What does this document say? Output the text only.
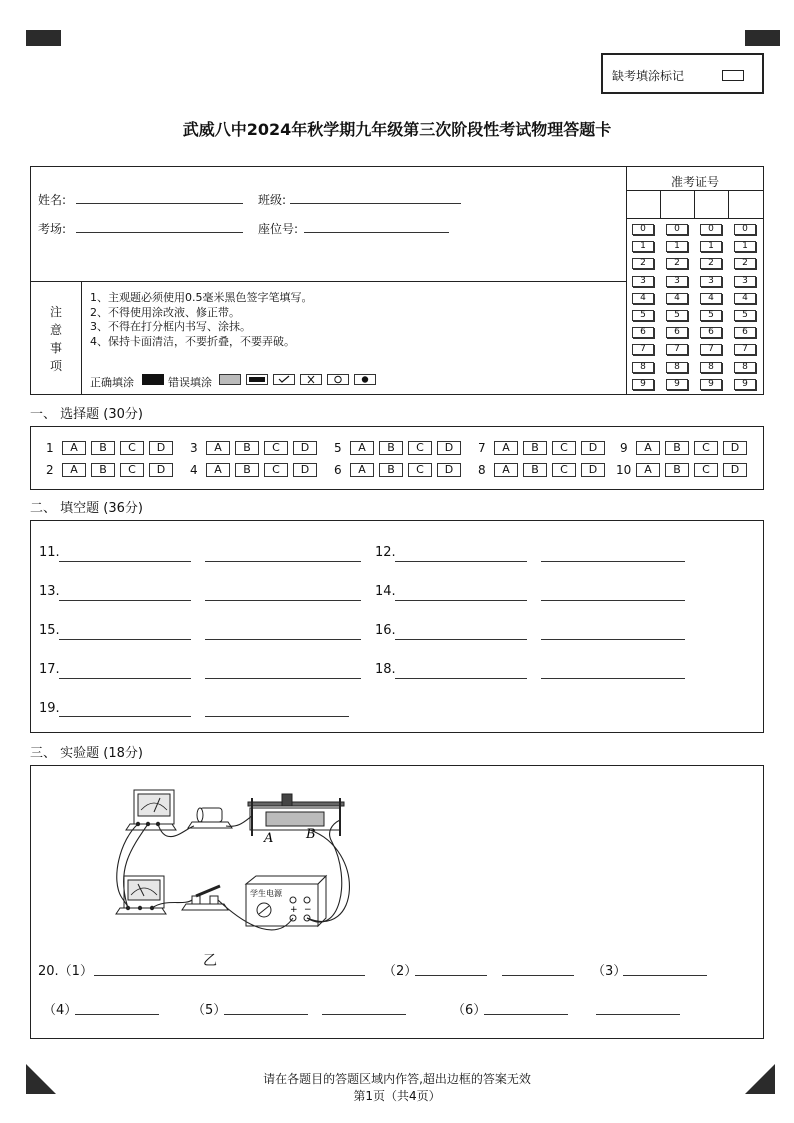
缺考填涂标记
武威八中2024年秋学期九年级第三次阶段性考试物理答题卡
姓名:	班级:
考场:	座位号:
准考证号
0	0	0	0
1	1	1	1
2	2	2	2
3	3	3	3
4	4	4	4
5	5	5	5
6	6	6	6
7	7	7	7
8	8	8	8
9	9	9	9
注
意
事
项
1、主观题必须使用0.5毫米黑色签字笔填写。
2、不得使用涂改液、修正带。
3、不得在打分框内书写、涂抹。
4、保持卡面清洁，不要折叠，不要弄破。
正确填涂	错误填涂
一、 选择题 (30分)
1	A	B	C	D
2	A	B	C	D
3	A	B	C	D
4	A	B	C	D
5	A	B	C	D
6	A	B	C	D
7	A	B	C	D
8	A	B	C	D
9	A	B	C	D
10	A	B	C	D
二、 填空题 (36分)
11.	12.
13.	14.
15.	16.
17.	18.
19.
三、 实验题 (18分)
A	B
学生电源
+ −
乙
20.（1）	（2）	（3）
（4）	（5）	（6）
请在各题目的答题区域内作答,超出边框的答案无效
第1页（共4页）
